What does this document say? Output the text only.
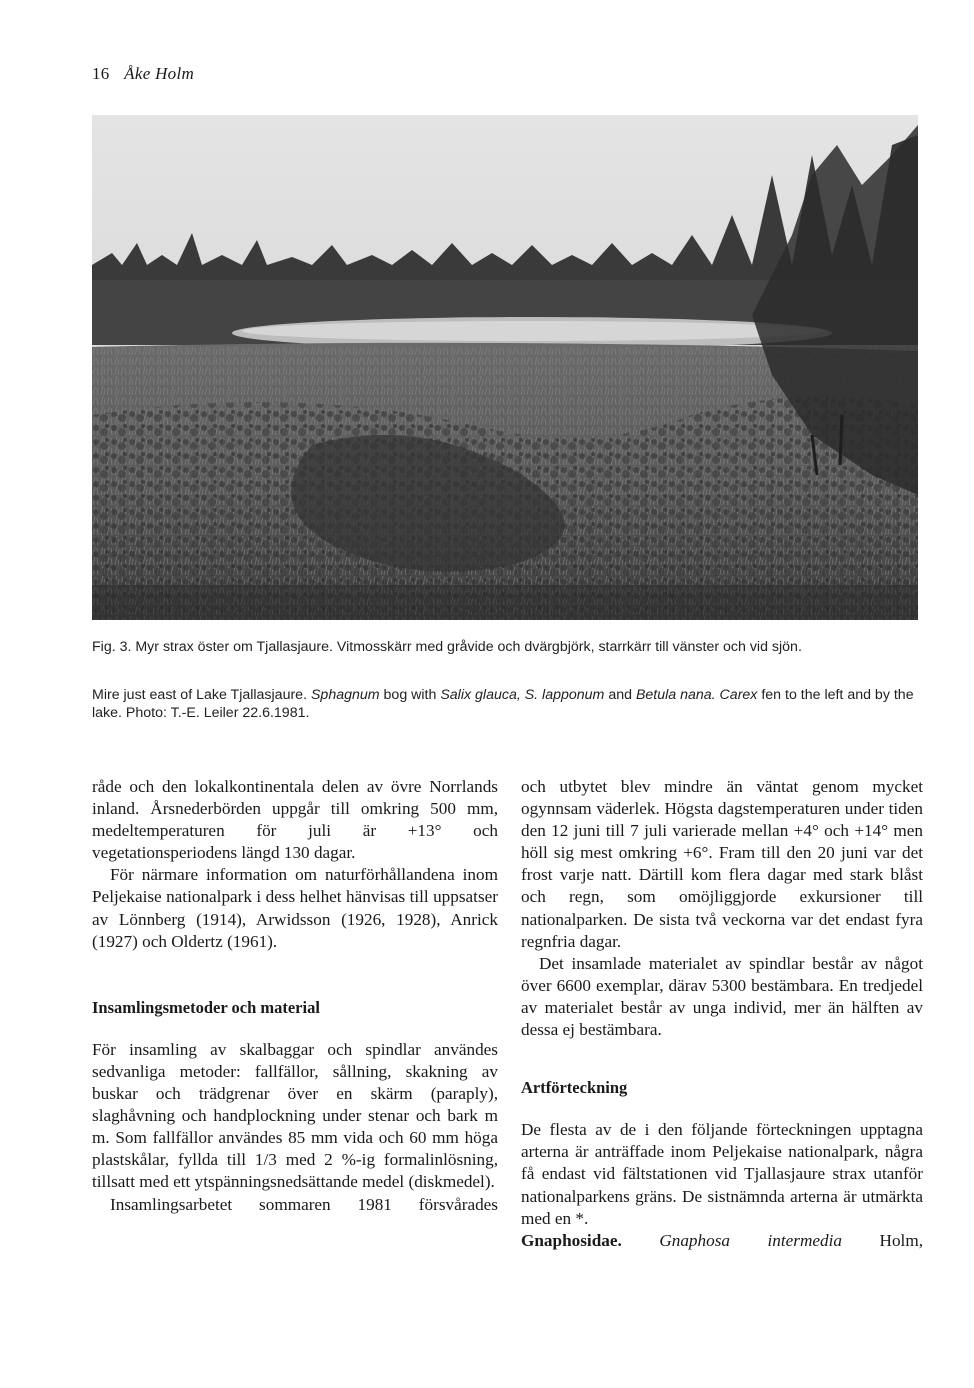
16 Åke Holm
Fig. 3. Myr strax öster om Tjallasjaure. Vitmosskärr med gråvide och dvärgbjörk, starrkärr till vänster och vid sjön.
Mire just east of Lake Tjallasjaure. Sphagnum bog with Salix glauca, S. lapponum and Betula nana. Carex fen to the left and by the lake. Photo: T.-E. Leiler 22.6.1981.

råde och den lokalkontinentala delen av övre Norrlands inland. Årsnederbörden uppgår till omkring 500 mm, medeltemperaturen för juli är +13° och vegetationsperiodens längd 130 dagar.

För närmare information om naturförhållandena inom Peljekaise nationalpark i dess helhet hänvisas till uppsatser av Lönnberg (1914), Arwidsson (1926, 1928), Anrick (1927) och Oldertz (1961).

Insamlingsmetoder och material

För insamling av skalbaggar och spindlar användes sedvanliga metoder: fallfällor, sållning, skakning av buskar och trädgrenar över en skärm (paraply), slaghåvning och handplockning under stenar och bark m m. Som fallfällor användes 85 mm vida och 60 mm höga plastskålar, fyllda till 1/3 med 2 %-ig formalinlösning, tillsatt med ett ytspänningsnedsättande medel (diskmedel).

Insamlingsarbetet sommaren 1981 försvårades

och utbytet blev mindre än väntat genom mycket ogynnsam väderlek. Högsta dagstemperaturen under tiden den 12 juni till 7 juli varierade mellan +4° och +14° men höll sig mest omkring +6°. Fram till den 20 juni var det frost varje natt. Därtill kom flera dagar med stark blåst och regn, som omöjliggjorde exkursioner till nationalparken. De sista två veckorna var det endast fyra regnfria dagar.

Det insamlade materialet av spindlar består av något över 6600 exemplar, därav 5300 bestämbara. En tredjedel av materialet består av unga individ, mer än hälften av dessa ej bestämbara.

Artförteckning

De flesta av de i den följande förteckningen upptagna arterna är anträffade inom Peljekaise nationalpark, några få endast vid fältstationen vid Tjallasjaure strax utanför nationalparkens gräns. De sistnämnda arterna är utmärkta med en *.

Gnaphosidae. Gnaphosa intermedia Holm,
